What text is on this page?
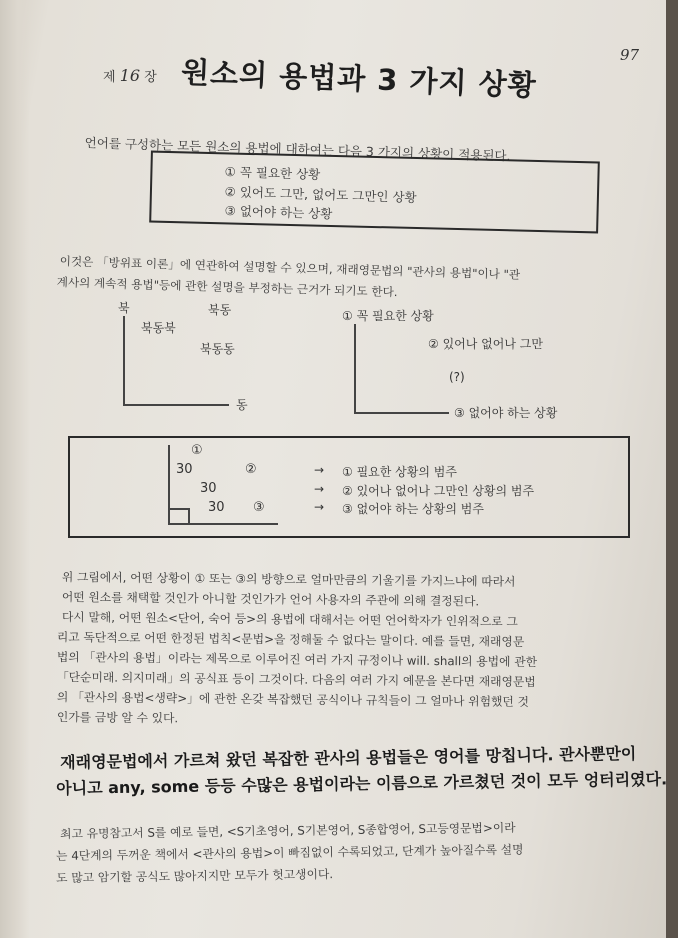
97
제 16 장 원소의 용법과 3 가지 상황
언어를 구성하는 모든 원소의 용법에 대하여는 다음 3 가지의 상황이 적용된다.
① 꼭 필요한 상황
② 있어도 그만, 없어도 그만인 상황
③ 없어야 하는 상황
이것은 「방위표 이론」에 연관하여 설명할 수 있으며, 재래영문법의 "관사의 용법"이나 "관
계사의 계속적 용법"등에 관한 설명을 부정하는 근거가 되기도 한다.
북	북동
북동북
북동동
동
① 꼭 필요한 상황
② 있어나 없어나 그만
(?)
③ 없어야 하는 상황
①
30	②
30
30 ③
→
→
→
① 필요한 상황의 범주
② 있어나 없어나 그만인 상황의 범주
③ 없어야 하는 상황의 범주
위 그림에서, 어떤 상황이 ① 또는 ③의 방향으로 얼마만큼의 기울기를 가지느냐에 따라서
어떤 원소를 채택할 것인가 아니할 것인가가 언어 사용자의 주관에 의해 결정된다.
다시 말해, 어떤 원소<단어, 숙어 등>의 용법에 대해서는 어떤 언어학자가 인위적으로 그
리고 독단적으로 어떤 한정된 법칙<문법>을 정해둘 수 없다는 말이다. 예를 들면, 재래영문
법의 「관사의 용법」이라는 제목으로 이루어진 여러 가지 규정이나 will. shall의 용법에 관한
「단순미래. 의지미래」의 공식표 등이 그것이다. 다음의 여러 가지 예문을 본다면 재래영문법
의 「관사의 용법<생략>」에 관한 온갖 복잡했던 공식이나 규칙들이 그 얼마나 위험했던 것
인가를 금방 알 수 있다.
재래영문법에서 가르쳐 왔던 복잡한 관사의 용법들은 영어를 망칩니다. 관사뿐만이
아니고 any, some 등등 수많은 용법이라는 이름으로 가르쳤던 것이 모두 엉터리였다.
최고 유명참고서 S를 예로 들면, <S기초영어, S기본영어, S종합영어, S고등영문법>이라
는 4단계의 두꺼운 책에서 <관사의 용법>이 빠짐없이 수록되었고, 단계가 높아질수록 설명
도 많고 암기할 공식도 많아지지만 모두가 헛고생이다.
